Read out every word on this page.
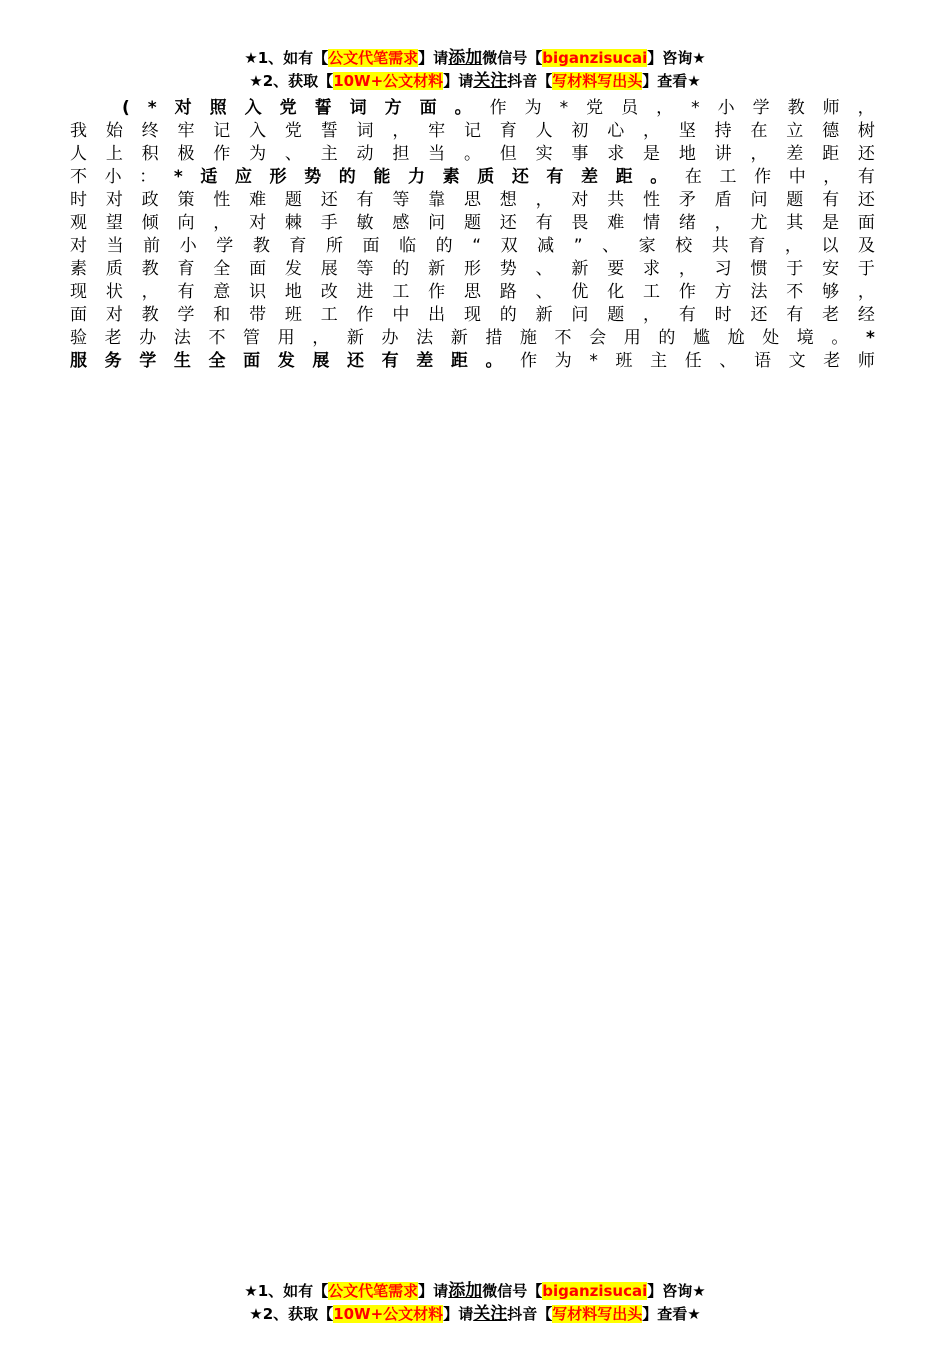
★1、如有【公文代笔需求】请添加微信号【biganzisucai】咨询★
★2、获取【10W+公文材料】请关注抖音【写材料写出头】查看★
( * 对 照 入 党 誓 词 方 面 。 作 为 * 党 员 ， * 小 学 教 师 ，
我 始 终 牢 记 入 党 誓 词 ， 牢 记 育 人 初 心 ， 坚 持 在 立 德 树
人 上 积 极 作 为 、 主 动 担 当 。 但 实 事 求 是 地 讲 ， 差 距 还
不 小 ： * 适 应 形 势 的 能 力 素 质 还 有 差 距 。 在 工 作 中 ， 有
时 对 政 策 性 难 题 还 有 等 靠 思 想 ， 对 共 性 矛 盾 问 题 有 还
观 望 倾 向 ， 对 棘 手 敏 感 问 题 还 有 畏 难 情 绪 ， 尤 其 是 面
对 当 前 小 学 教 育 所 面 临 的 “ 双 减 ” 、 家 校 共 育 ， 以 及
素 质 教 育 全 面 发 展 等 的 新 形 势 、 新 要 求 ， 习 惯 于 安 于
现 状 ， 有 意 识 地 改 进 工 作 思 路 、 优 化 工 作 方 法 不 够 ，
面 对 教 学 和 带 班 工 作 中 出 现 的 新 问 题 ， 有 时 还 有 老 经
验 老 办 法 不 管 用 ， 新 办 法 新 措 施 不 会 用 的 尴 尬 处 境 。 *
服 务 学 生 全 面 发 展 还 有 差 距 。 作 为 * 班 主 任 、 语 文 老 师
★1、如有【公文代笔需求】请添加微信号【biganzisucai】咨询★
★2、获取【10W+公文材料】请关注抖音【写材料写出头】查看★
